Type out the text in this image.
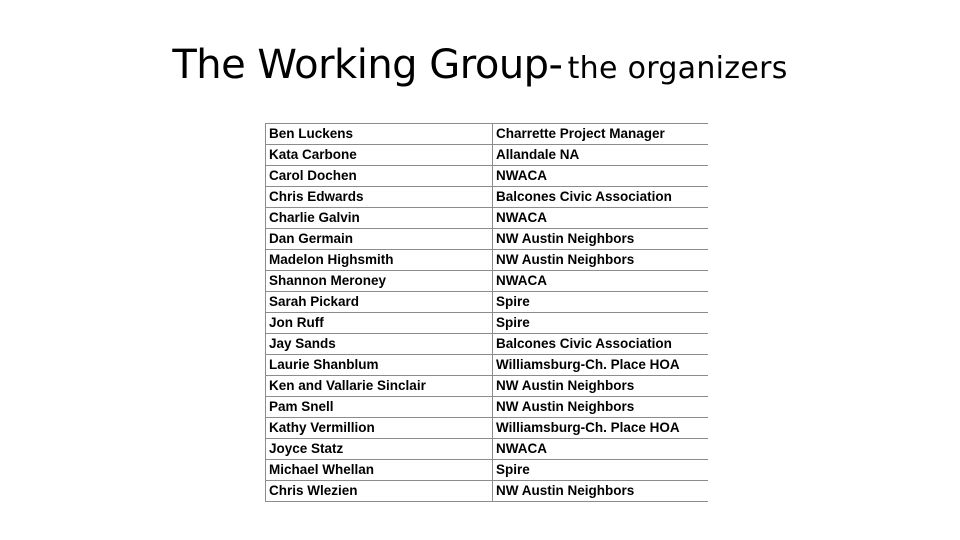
The Working Group- the organizers
Ben Luckens	Charrette Project Manager
Kata Carbone	Allandale NA
Carol Dochen	NWACA
Chris Edwards	Balcones Civic Association
Charlie Galvin	NWACA
Dan Germain	NW Austin Neighbors
Madelon Highsmith	NW Austin Neighbors
Shannon Meroney	NWACA
Sarah Pickard	Spire
Jon Ruff	Spire
Jay Sands	Balcones Civic Association
Laurie Shanblum	Williamsburg-Ch. Place HOA
Ken and Vallarie Sinclair	NW Austin Neighbors
Pam Snell	NW Austin Neighbors
Kathy Vermillion	Williamsburg-Ch. Place HOA
Joyce Statz	NWACA
Michael Whellan	Spire
Chris Wlezien	NW Austin Neighbors
